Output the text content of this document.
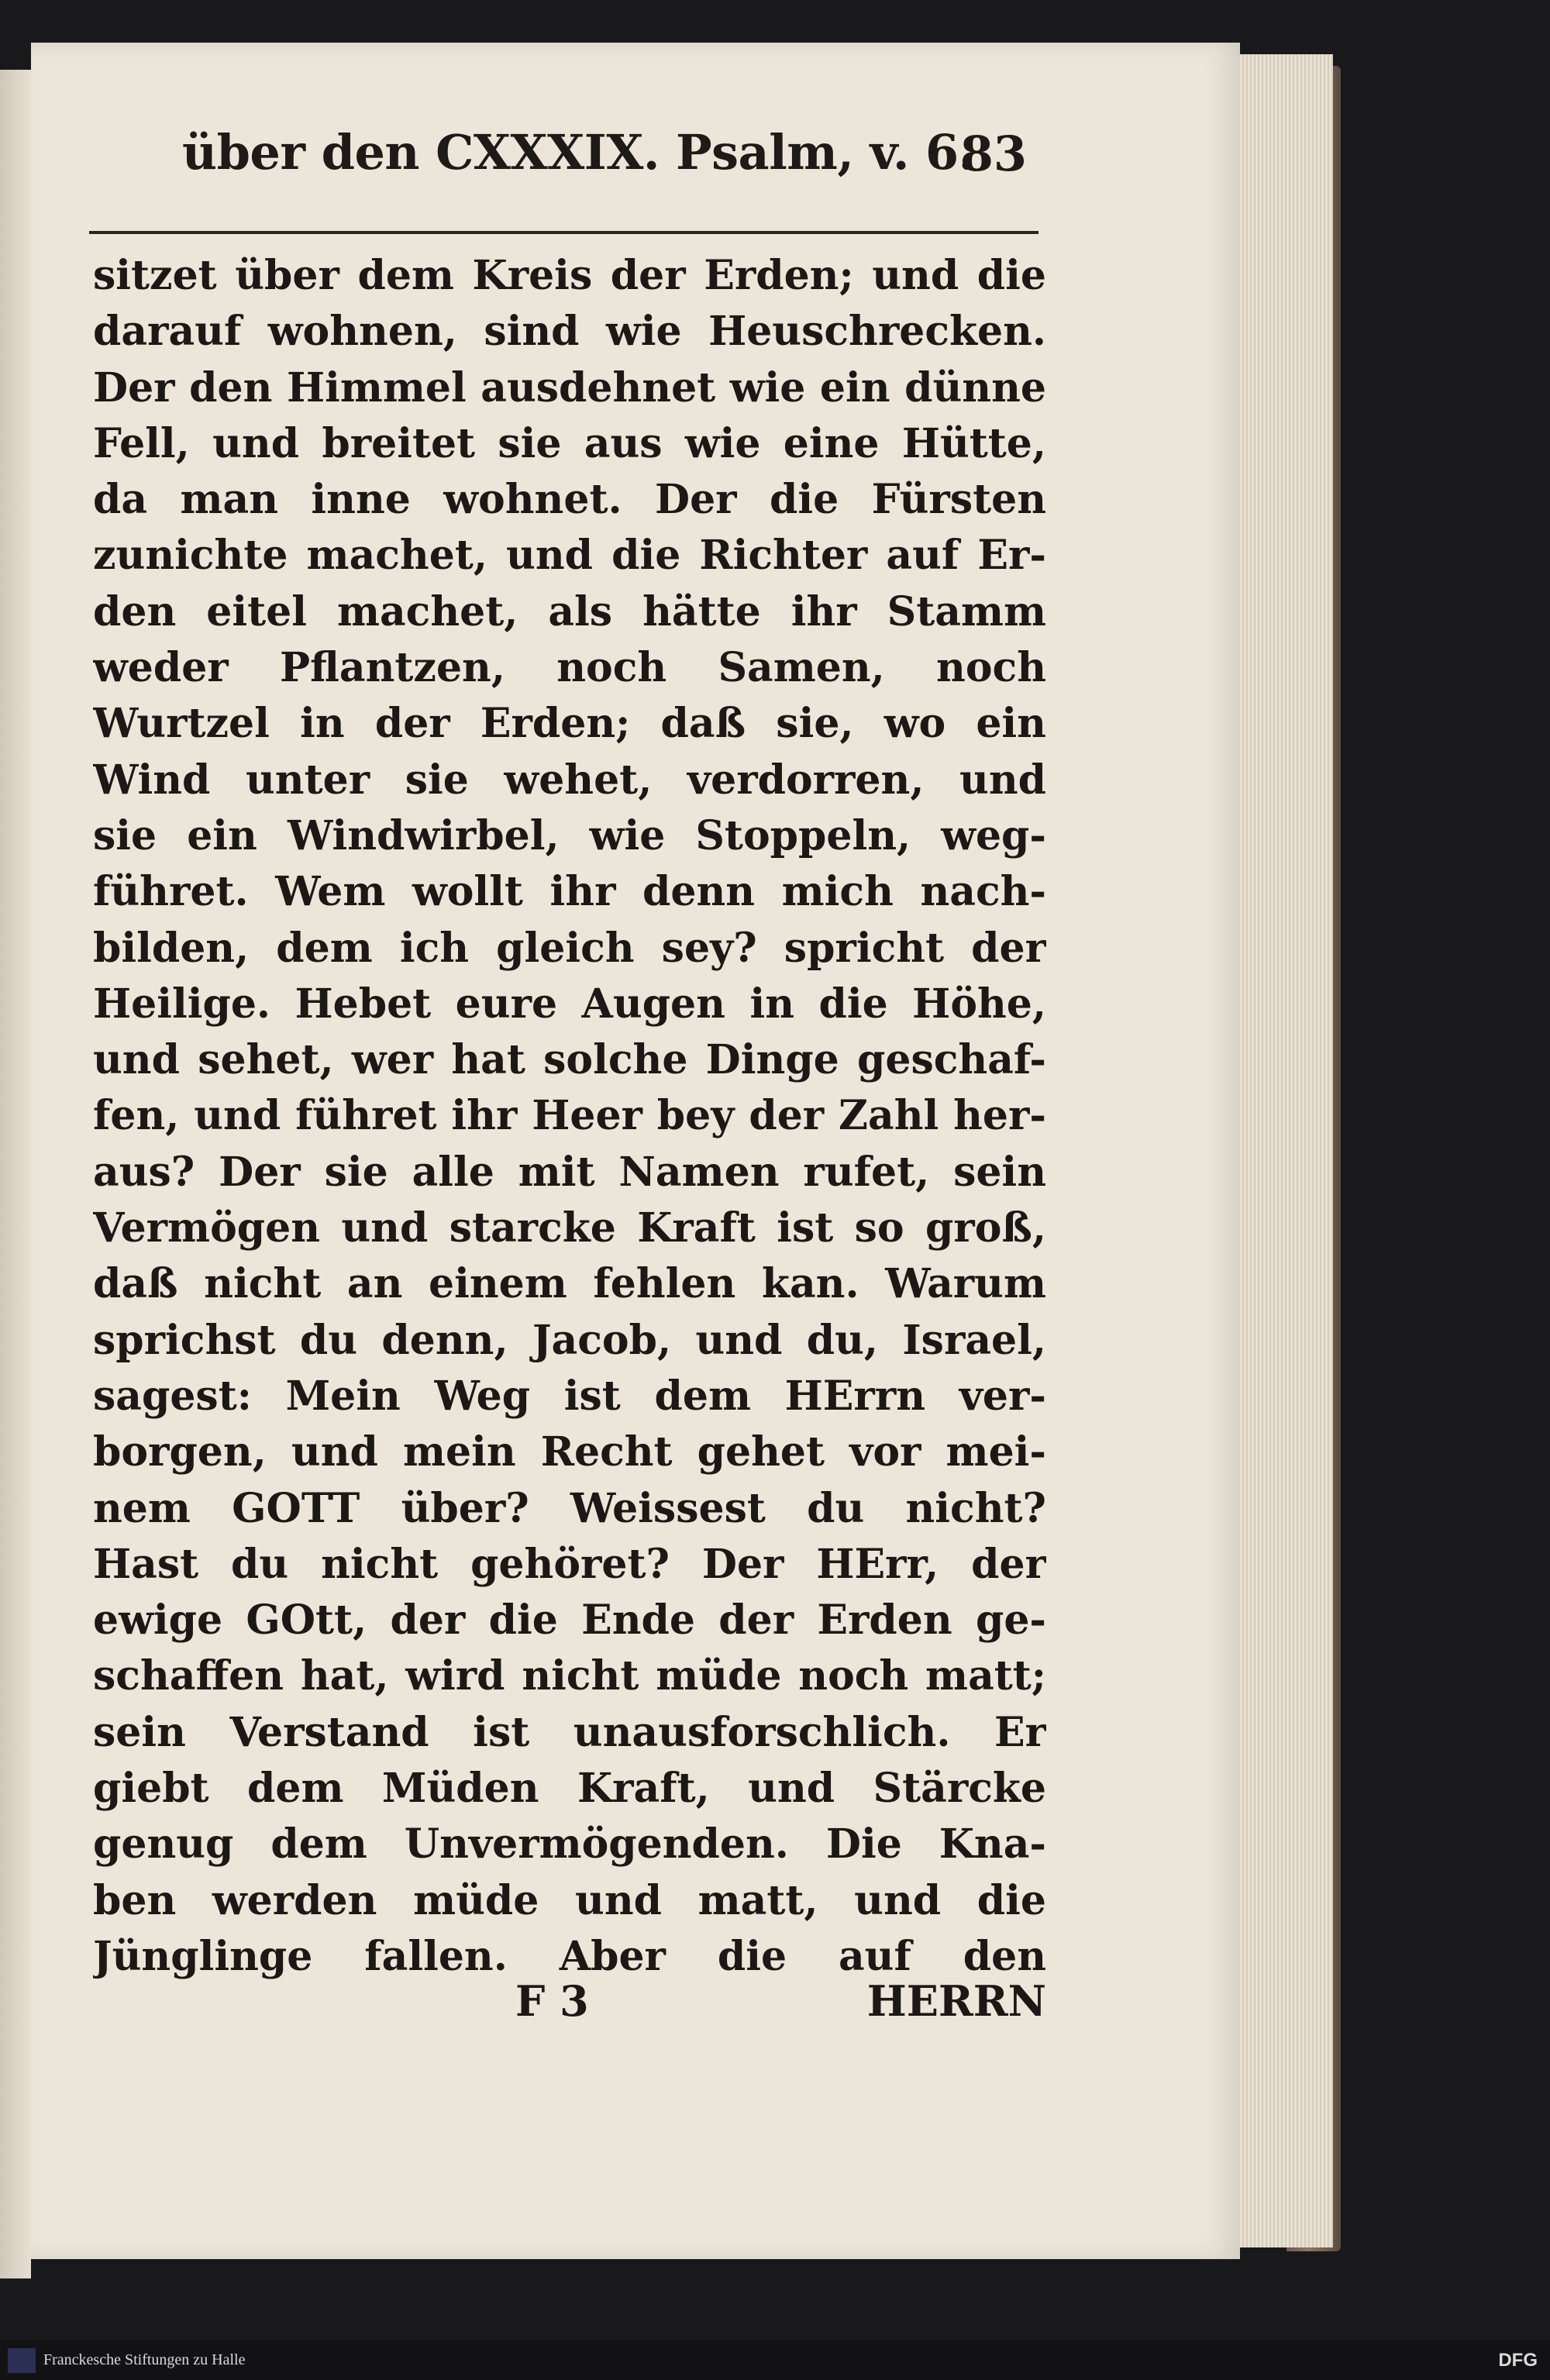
über den CXXXIX. Psalm, v. 6.
83
sitzet über dem Kreis der Erden; und die
darauf wohnen, sind wie Heuschrecken.
Der den Himmel ausdehnet wie ein dünne
Fell, und breitet sie aus wie eine Hütte,
da man inne wohnet. Der die Fürsten
zunichte machet, und die Richter auf Er-
den eitel machet, als hätte ihr Stamm
weder Pflantzen, noch Samen, noch
Wurtzel in der Erden; daß sie, wo ein
Wind unter sie wehet, verdorren, und
sie ein Windwirbel, wie Stoppeln, weg-
führet. Wem wollt ihr denn mich nach-
bilden, dem ich gleich sey? spricht der
Heilige. Hebet eure Augen in die Höhe,
und sehet, wer hat solche Dinge geschaf-
fen, und führet ihr Heer bey der Zahl her-
aus? Der sie alle mit Namen rufet, sein
Vermögen und starcke Kraft ist so groß,
daß nicht an einem fehlen kan. Warum
sprichst du denn, Jacob, und du, Israel,
sagest: Mein Weg ist dem HErrn ver-
borgen, und mein Recht gehet vor mei-
nem GOTT über? Weissest du nicht?
Hast du nicht gehöret? Der HErr, der
ewige GOtt, der die Ende der Erden ge-
schaffen hat, wird nicht müde noch matt;
sein Verstand ist unausforschlich. Er
giebt dem Müden Kraft, und Stärcke
genug dem Unvermögenden. Die Kna-
ben werden müde und matt, und die
Jünglinge fallen. Aber die auf den
F 3	HERRN
Franckesche Stiftungen zu Halle	DFG
